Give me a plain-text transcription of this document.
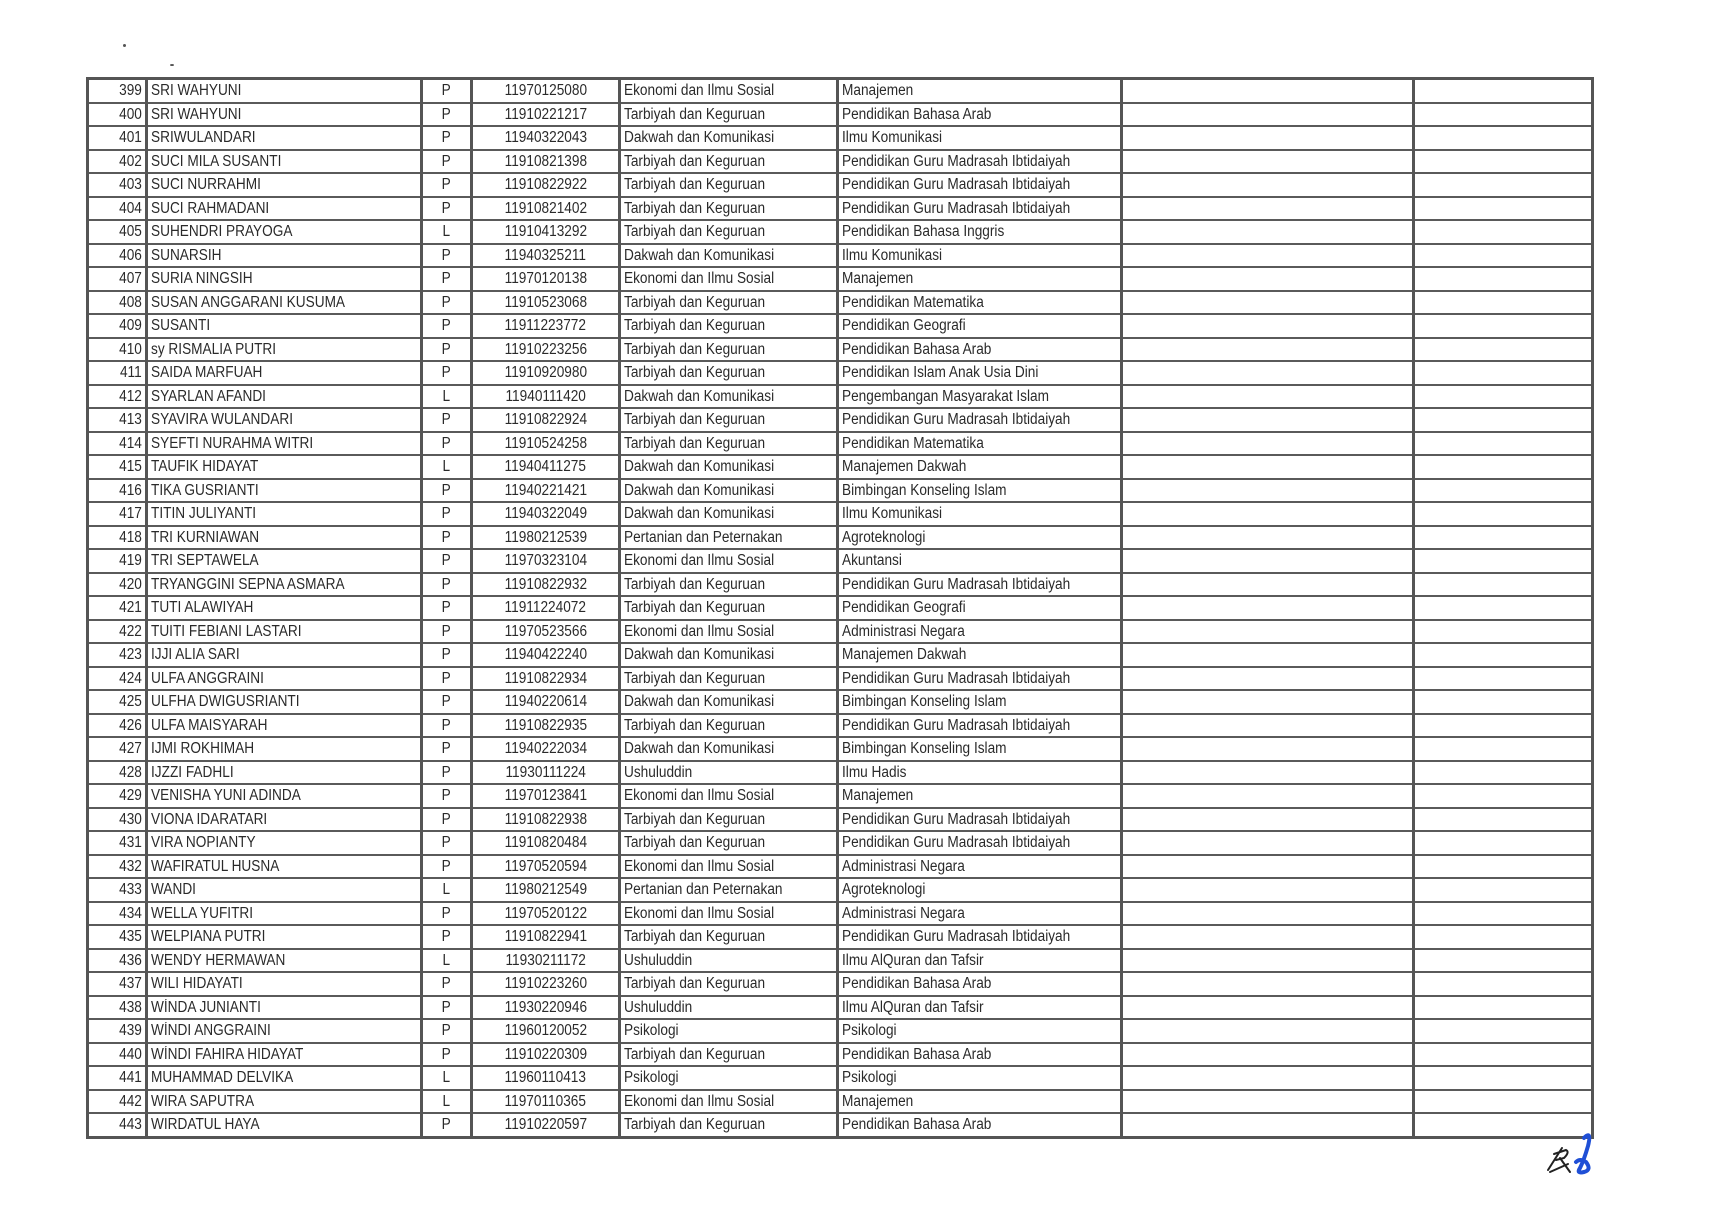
399	SRI WAHYUNI	P	11970125080	Ekonomi dan Ilmu Sosial	Manajemen		
400	SRI WAHYUNI	P	11910221217	Tarbiyah dan Keguruan	Pendidikan Bahasa Arab		
401	SRIWULANDARI	P	11940322043	Dakwah dan Komunikasi	Ilmu Komunikasi		
402	SUCI MILA SUSANTI	P	11910821398	Tarbiyah dan Keguruan	Pendidikan Guru Madrasah Ibtidaiyah		
403	SUCI NURRAHMI	P	11910822922	Tarbiyah dan Keguruan	Pendidikan Guru Madrasah Ibtidaiyah		
404	SUCI RAHMADANI	P	11910821402	Tarbiyah dan Keguruan	Pendidikan Guru Madrasah Ibtidaiyah		
405	SUHENDRI PRAYOGA	L	11910413292	Tarbiyah dan Keguruan	Pendidikan Bahasa Inggris		
406	SUNARSIH	P	11940325211	Dakwah dan Komunikasi	Ilmu Komunikasi		
407	SURIA NINGSIH	P	11970120138	Ekonomi dan Ilmu Sosial	Manajemen		
408	SUSAN ANGGARANI KUSUMA	P	11910523068	Tarbiyah dan Keguruan	Pendidikan Matematika		
409	SUSANTI	P	11911223772	Tarbiyah dan Keguruan	Pendidikan Geografi		
410	sy RISMALIA PUTRI	P	11910223256	Tarbiyah dan Keguruan	Pendidikan Bahasa Arab		
411	SAIDA MARFUAH	P	11910920980	Tarbiyah dan Keguruan	Pendidikan Islam Anak Usia Dini		
412	SYARLAN AFANDI	L	11940111420	Dakwah dan Komunikasi	Pengembangan Masyarakat Islam		
413	SYAVIRA WULANDARI	P	11910822924	Tarbiyah dan Keguruan	Pendidikan Guru Madrasah Ibtidaiyah		
414	SYEFTI NURAHMA WITRI	P	11910524258	Tarbiyah dan Keguruan	Pendidikan Matematika		
415	TAUFIK HIDAYAT	L	11940411275	Dakwah dan Komunikasi	Manajemen Dakwah		
416	TIKA GUSRIANTI	P	11940221421	Dakwah dan Komunikasi	Bimbingan Konseling Islam		
417	TITIN JULIYANTI	P	11940322049	Dakwah dan Komunikasi	Ilmu Komunikasi		
418	TRI KURNIAWAN	P	11980212539	Pertanian dan Peternakan	Agroteknologi		
419	TRI SEPTAWELA	P	11970323104	Ekonomi dan Ilmu Sosial	Akuntansi		
420	TRYANGGINI SEPNA ASMARA	P	11910822932	Tarbiyah dan Keguruan	Pendidikan Guru Madrasah Ibtidaiyah		
421	TUTI ALAWIYAH	P	11911224072	Tarbiyah dan Keguruan	Pendidikan Geografi		
422	TUITI FEBIANI LASTARI	P	11970523566	Ekonomi dan Ilmu Sosial	Administrasi Negara		
423	IJJI ALIA SARI	P	11940422240	Dakwah dan Komunikasi	Manajemen Dakwah		
424	ULFA ANGGRAINI	P	11910822934	Tarbiyah dan Keguruan	Pendidikan Guru Madrasah Ibtidaiyah		
425	ULFHA DWIGUSRIANTI	P	11940220614	Dakwah dan Komunikasi	Bimbingan Konseling Islam		
426	ULFA MAISYARAH	P	11910822935	Tarbiyah dan Keguruan	Pendidikan Guru Madrasah Ibtidaiyah		
427	IJMI ROKHIMAH	P	11940222034	Dakwah dan Komunikasi	Bimbingan Konseling Islam		
428	IJZZI FADHLI	P	11930111224	Ushuluddin	Ilmu Hadis		
429	VENISHA YUNI ADINDA	P	11970123841	Ekonomi dan Ilmu Sosial	Manajemen		
430	VIONA IDARATARI	P	11910822938	Tarbiyah dan Keguruan	Pendidikan Guru Madrasah Ibtidaiyah		
431	VIRA NOPIANTY	P	11910820484	Tarbiyah dan Keguruan	Pendidikan Guru Madrasah Ibtidaiyah		
432	WAFIRATUL HUSNA	P	11970520594	Ekonomi dan Ilmu Sosial	Administrasi Negara		
433	WANDI	L	11980212549	Pertanian dan Peternakan	Agroteknologi		
434	WELLA YUFITRI	P	11970520122	Ekonomi dan Ilmu Sosial	Administrasi Negara		
435	WELPIANA PUTRI	P	11910822941	Tarbiyah dan Keguruan	Pendidikan Guru Madrasah Ibtidaiyah		
436	WENDY HERMAWAN	L	11930211172	Ushuluddin	Ilmu AlQuran dan Tafsir		
437	WILI HIDAYATI	P	11910223260	Tarbiyah dan Keguruan	Pendidikan Bahasa Arab		
438	WÍNDA JUNIANTI	P	11930220946	Ushuluddin	Ilmu AlQuran dan Tafsir		
439	WÍNDI ANGGRAINI	P	11960120052	Psikologi	Psikologi		
440	WÍNDI FAHIRA HIDAYAT	P	11910220309	Tarbiyah dan Keguruan	Pendidikan Bahasa Arab		
441	MUHAMMAD DELVIKA	L	11960110413	Psikologi	Psikologi		
442	WIRA SAPUTRA	L	11970110365	Ekonomi dan Ilmu Sosial	Manajemen		
443	WIRDATUL HAYA	P	11910220597	Tarbiyah dan Keguruan	Pendidikan Bahasa Arab		
